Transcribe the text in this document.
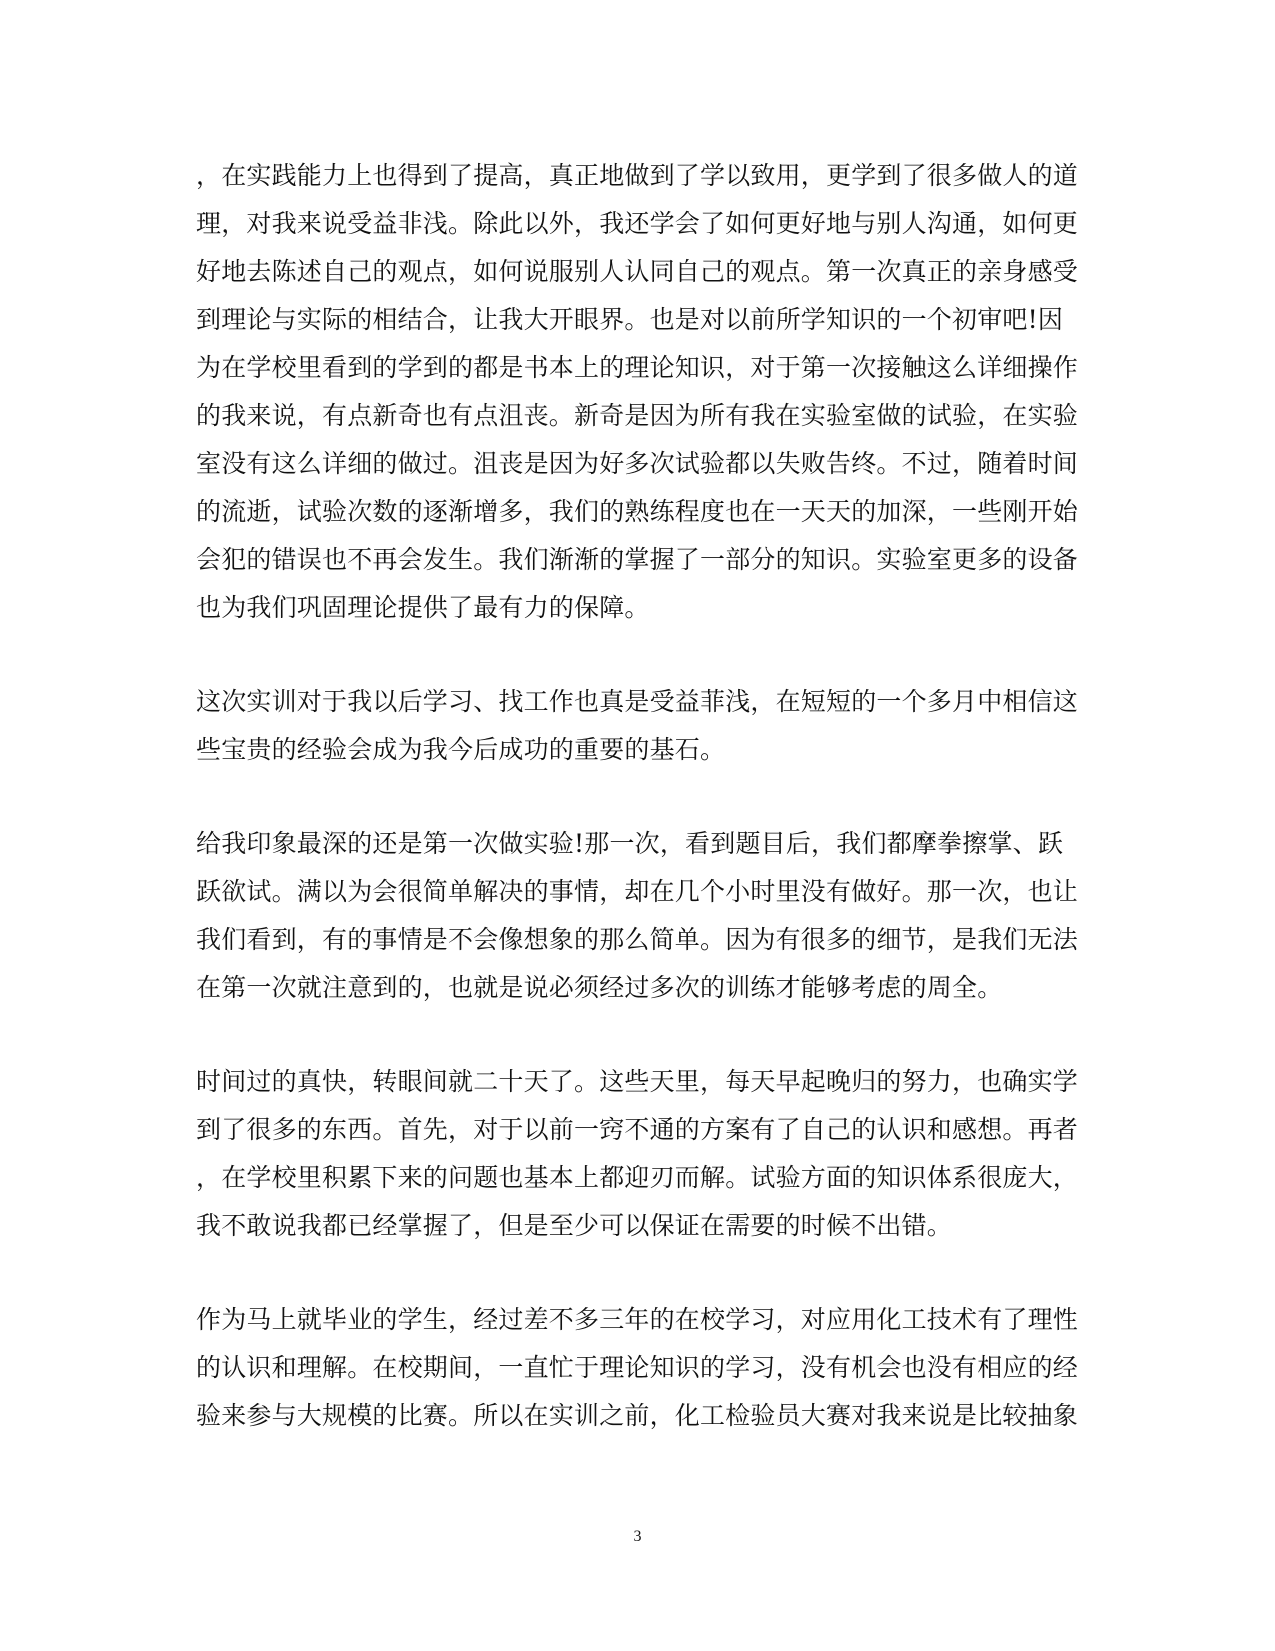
，在实践能力上也得到了提高，真正地做到了学以致用，更学到了很多做人的道
理，对我来说受益非浅。除此以外，我还学会了如何更好地与别人沟通，如何更
好地去陈述自己的观点，如何说服别人认同自己的观点。第一次真正的亲身感受
到理论与实际的相结合，让我大开眼界。也是对以前所学知识的一个初审吧!因
为在学校里看到的学到的都是书本上的理论知识，对于第一次接触这么详细操作
的我来说，有点新奇也有点沮丧。新奇是因为所有我在实验室做的试验，在实验
室没有这么详细的做过。沮丧是因为好多次试验都以失败告终。不过，随着时间
的流逝，试验次数的逐渐增多，我们的熟练程度也在一天天的加深，一些刚开始
会犯的错误也不再会发生。我们渐渐的掌握了一部分的知识。实验室更多的设备
也为我们巩固理论提供了最有力的保障。
这次实训对于我以后学习、找工作也真是受益菲浅，在短短的一个多月中相信这
些宝贵的经验会成为我今后成功的重要的基石。
给我印象最深的还是第一次做实验!那一次，看到题目后，我们都摩拳擦掌、跃
跃欲试。满以为会很简单解决的事情，却在几个小时里没有做好。那一次，也让
我们看到，有的事情是不会像想象的那么简单。因为有很多的细节，是我们无法
在第一次就注意到的，也就是说必须经过多次的训练才能够考虑的周全。
时间过的真快，转眼间就二十天了。这些天里，每天早起晚归的努力，也确实学
到了很多的东西。首先，对于以前一窍不通的方案有了自己的认识和感想。再者
，在学校里积累下来的问题也基本上都迎刃而解。试验方面的知识体系很庞大，
我不敢说我都已经掌握了，但是至少可以保证在需要的时候不出错。
作为马上就毕业的学生，经过差不多三年的在校学习，对应用化工技术有了理性
的认识和理解。在校期间，一直忙于理论知识的学习，没有机会也没有相应的经
验来参与大规模的比赛。所以在实训之前，化工检验员大赛对我来说是比较抽象
3
